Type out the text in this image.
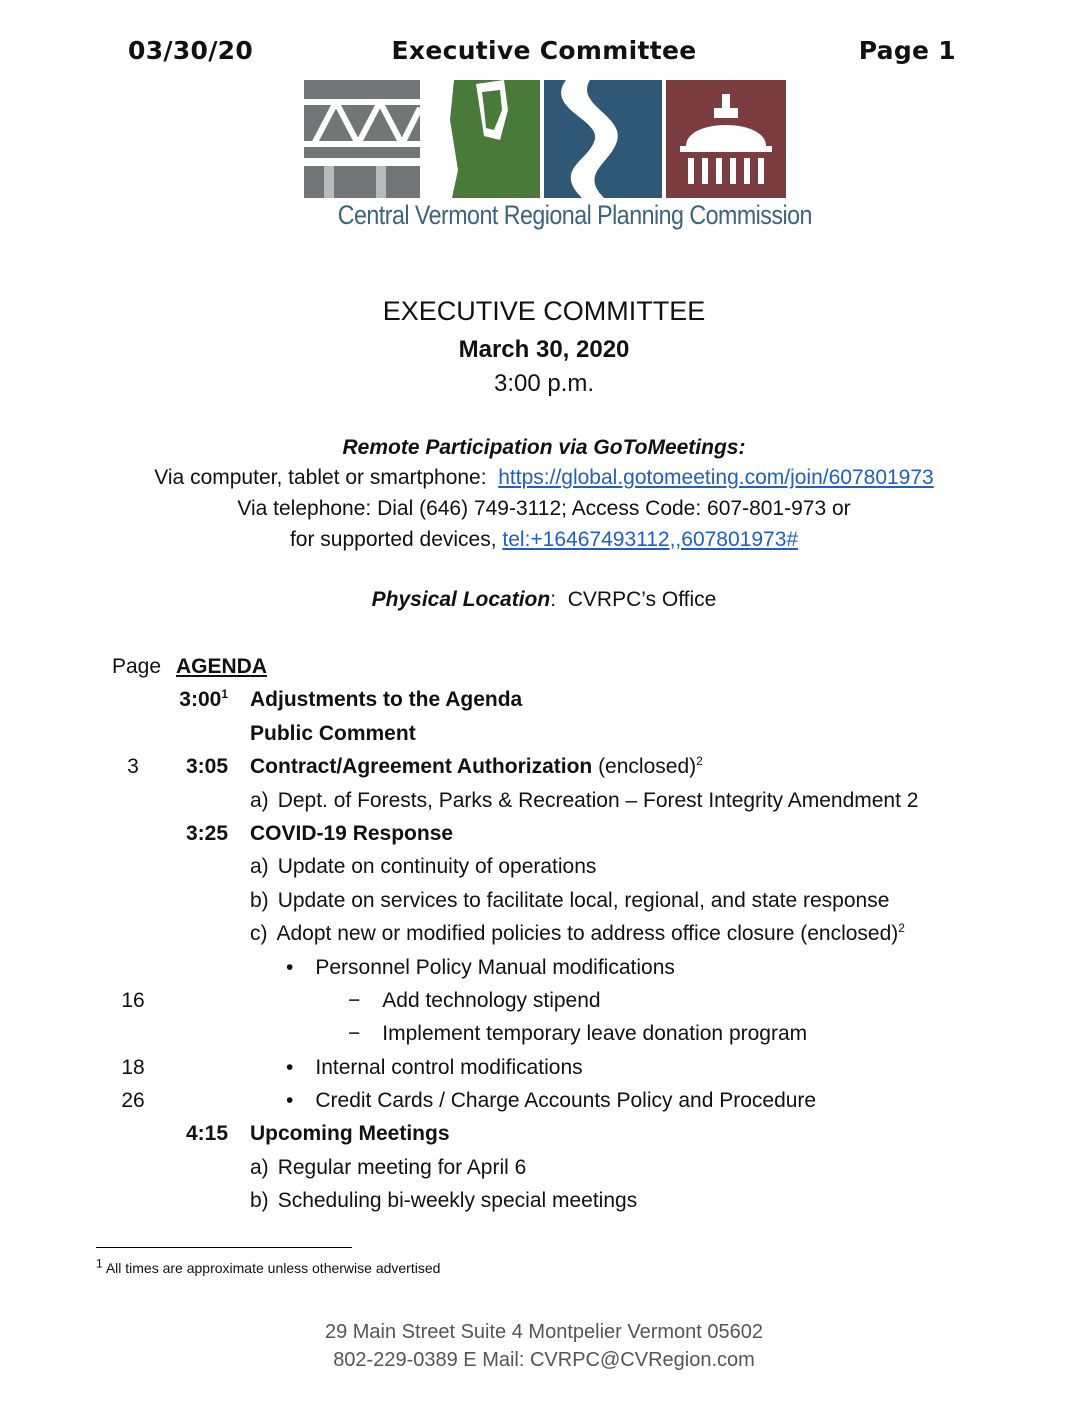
03/30/20	Executive Committee	Page 1
Central Vermont Regional Planning Commission
EXECUTIVE COMMITTEE
March 30, 2020
3:00 p.m.
Remote Participation via GoToMeetings:
Via computer, tablet or smartphone: https://global.gotomeeting.com/join/607801973
Via telephone: Dial (646) 749-3112; Access Code: 607-801-973 or
for supported devices, tel:+16467493112,,607801973#
Physical Location:  CVRPC’s Office
Page AGENDA
$3:00^1$ Adjustments to the Agenda
Public Comment
3	3:05 Contract/Agreement Authorization (enclosed)$^2$
a) Dept. of Forests, Parks & Recreation – Forest Integrity Amendment 2
3:25 COVID-19 Response
a) Update on continuity of operations
b) Update on services to facilitate local, regional, and state response
c) Adopt new or modified policies to address office closure (enclosed)$^2$
• Personnel Policy Manual modifications
16	− Add technology stipend
− Implement temporary leave donation program
18	• Internal control modifications
26	• Credit Cards / Charge Accounts Policy and Procedure
4:15 Upcoming Meetings
a) Regular meeting for April 6
b) Scheduling bi-weekly special meetings
$^1$ All times are approximate unless otherwise advertised
29 Main Street Suite 4 Montpelier Vermont 05602
802-229-0389 E Mail: CVRPC@CVRegion.com
